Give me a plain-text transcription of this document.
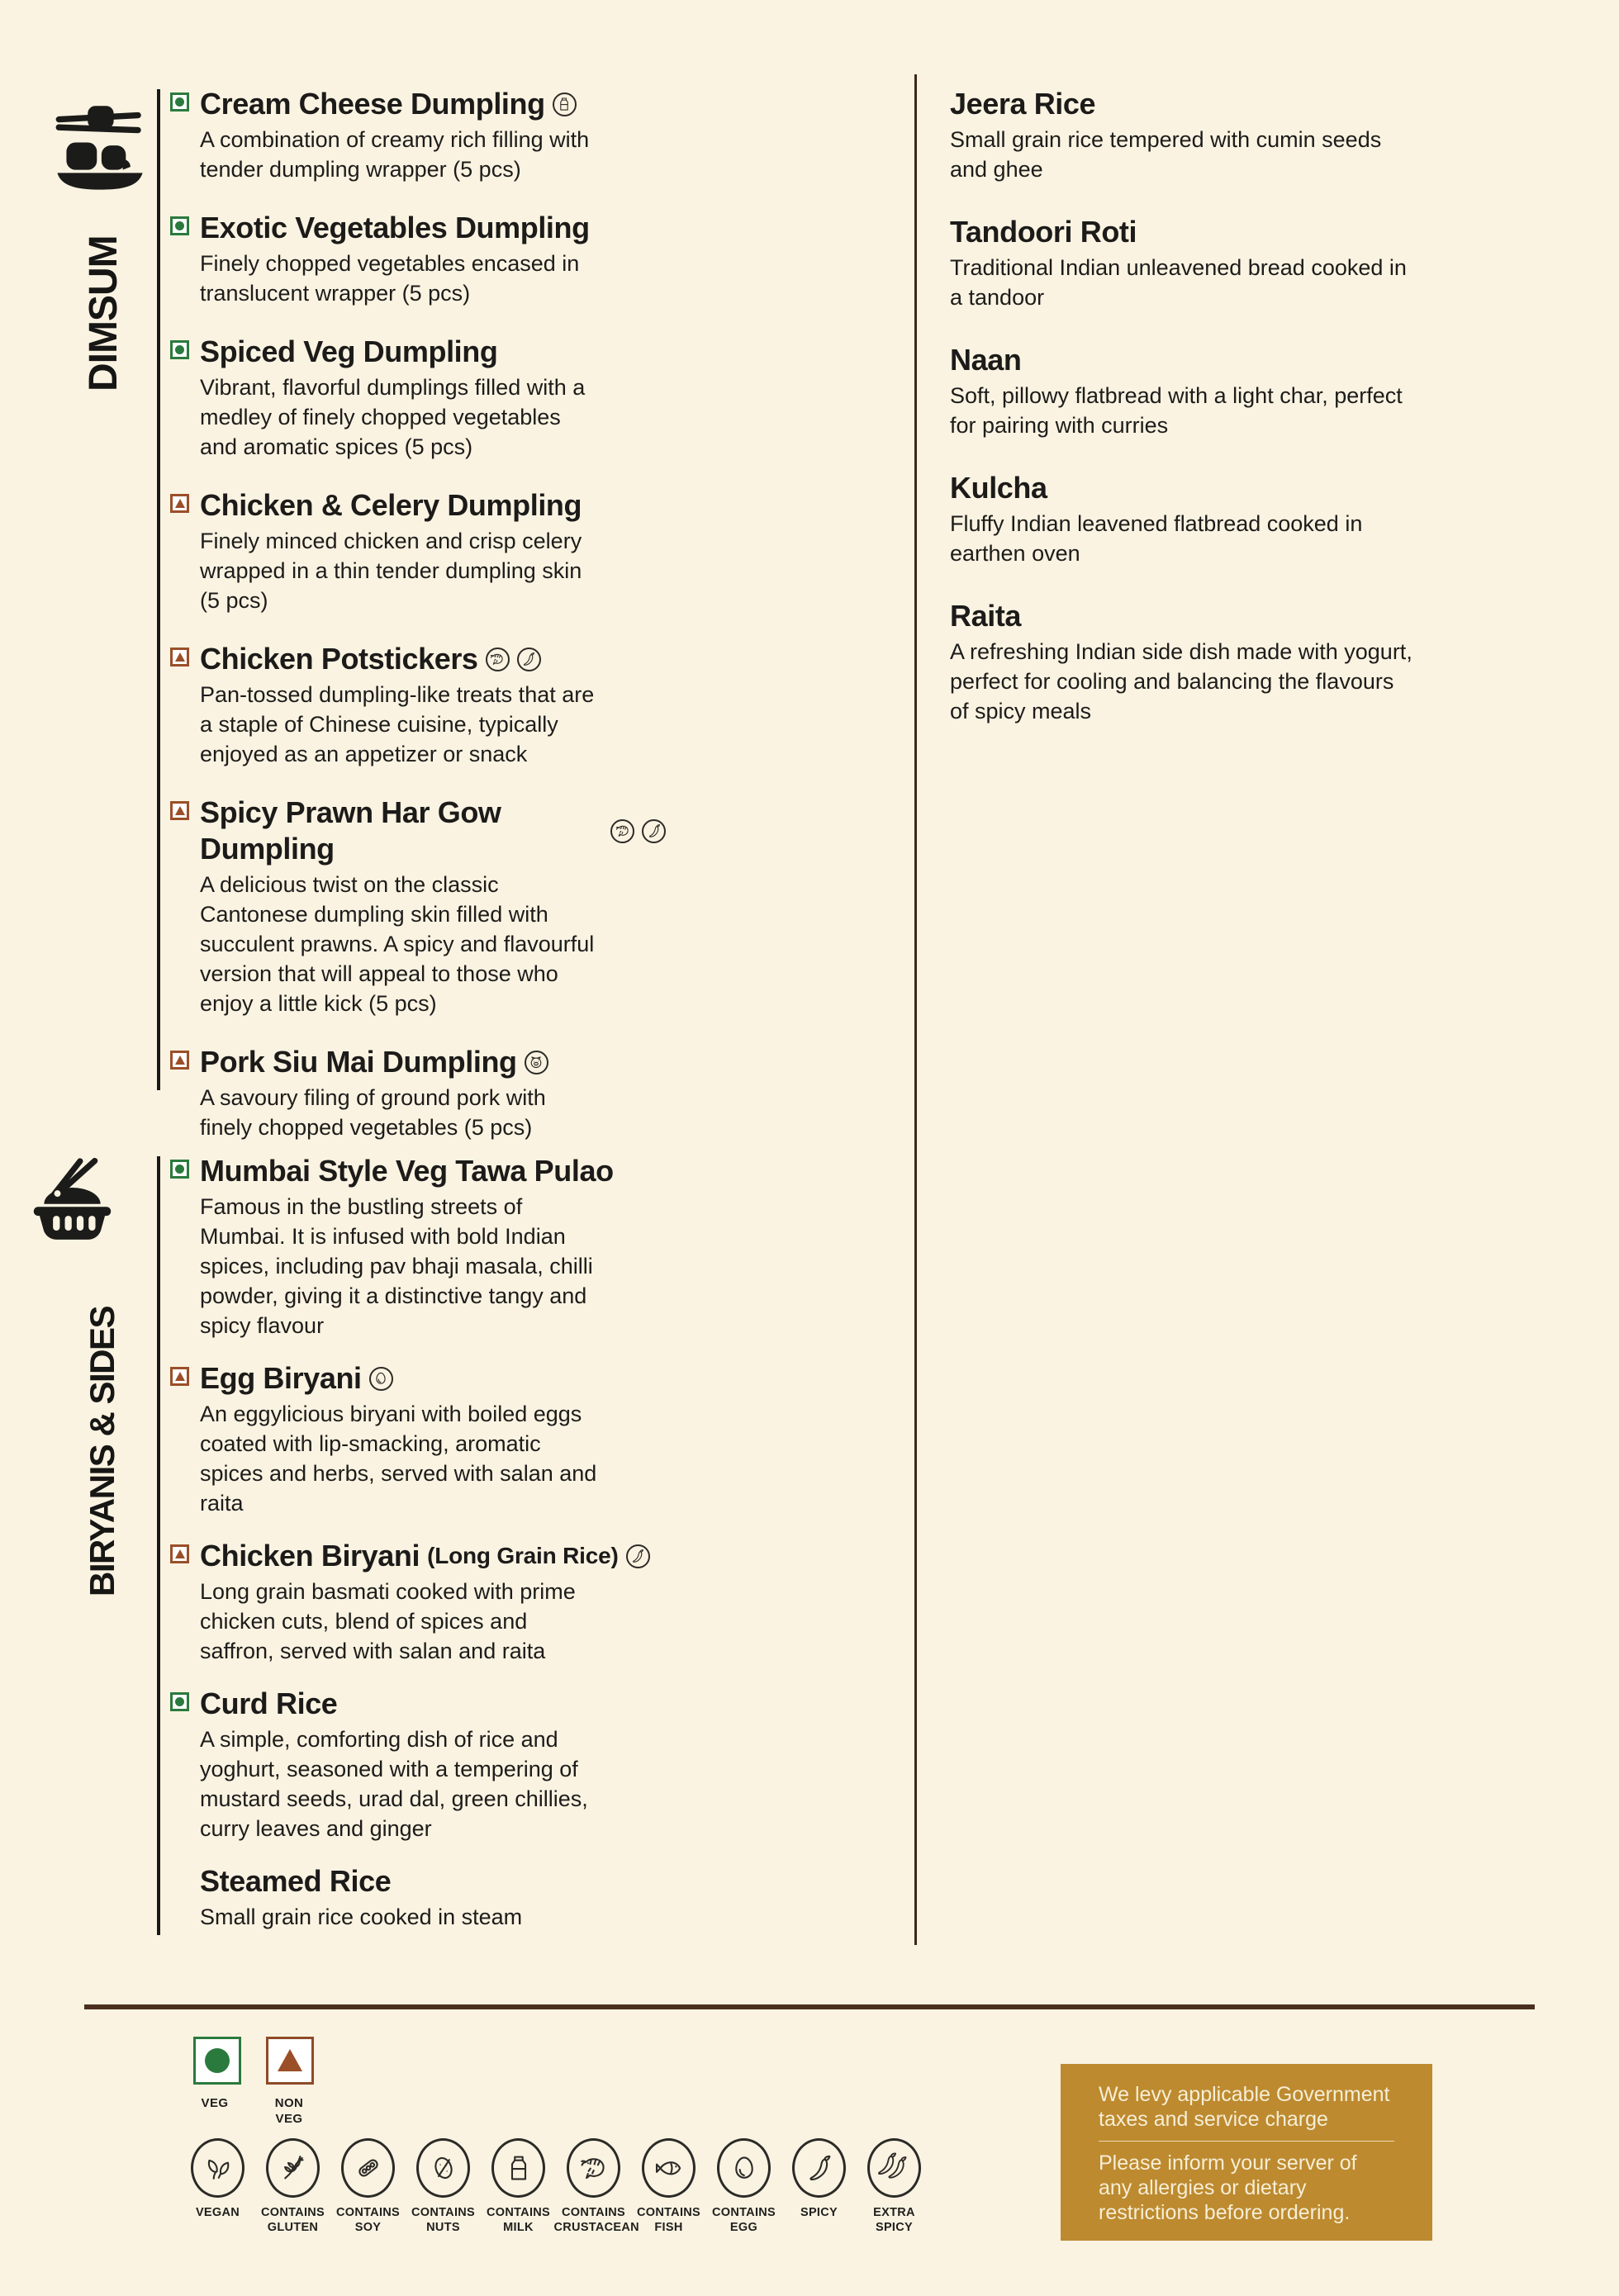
DIMSUM
Cream Cheese Dumpling

A combination of creamy rich filling with tender dumpling wrapper (5 pcs)

Exotic Vegetables Dumpling

Finely chopped vegetables encased in translucent wrapper (5 pcs)

Spiced Veg Dumpling

Vibrant, flavorful dumplings filled with a medley of finely chopped vegetables and aromatic spices (5 pcs)

Chicken & Celery Dumpling

Finely minced chicken and crisp celery wrapped in a thin tender dumpling skin (5 pcs)

Chicken Potstickers

Pan-tossed dumpling-like treats that are a staple of Chinese cuisine, typically enjoyed as an appetizer or snack

Spicy Prawn Har Gow Dumpling

A delicious twist on the classic Cantonese dumpling skin filled with succulent prawns. A spicy and flavourful version that will appeal to those who enjoy a little kick (5 pcs)

Pork Siu Mai Dumpling

A savoury filing of ground pork with finely chopped vegetables (5 pcs)

BIRYANIS & SIDES
Mumbai Style Veg Tawa Pulao

Famous in the bustling streets of Mumbai. It is infused with bold Indian spices, including pav bhaji masala, chilli powder, giving it a distinctive tangy and spicy flavour

Egg Biryani

An eggylicious biryani with boiled eggs coated with lip-smacking, aromatic spices and herbs, served with salan and raita

Chicken Biryani (Long Grain Rice)

Long grain basmati cooked with prime chicken cuts, blend of spices and saffron, served with salan and raita

Curd Rice

A simple, comforting dish of rice and yoghurt, seasoned with a tempering of mustard seeds, urad dal, green chillies, curry leaves and ginger

Steamed Rice

Small grain rice cooked in steam

Jeera Rice

Small grain rice tempered with cumin seeds and ghee

Tandoori Roti

Traditional Indian unleavened bread cooked in a tandoor

Naan

Soft, pillowy flatbread with a light char, perfect for pairing with curries

Kulcha

Fluffy Indian leavened flatbread cooked in earthen oven

Raita

A refreshing Indian side dish made with yogurt, perfect for cooling and balancing the flavours of spicy meals

VEG	NON VEG
VEGAN	CONTAINS GLUTEN
CONTAINS SOY
CONTAINS NUTS
CONTAINS MILK
CONTAINS CRUSTACEAN
CONTAINS FISH
CONTAINS EGG
SPICY	EXTRA SPICY

We levy applicable Government taxes and service charge

Please inform your server of any allergies or dietary restrictions before ordering.
